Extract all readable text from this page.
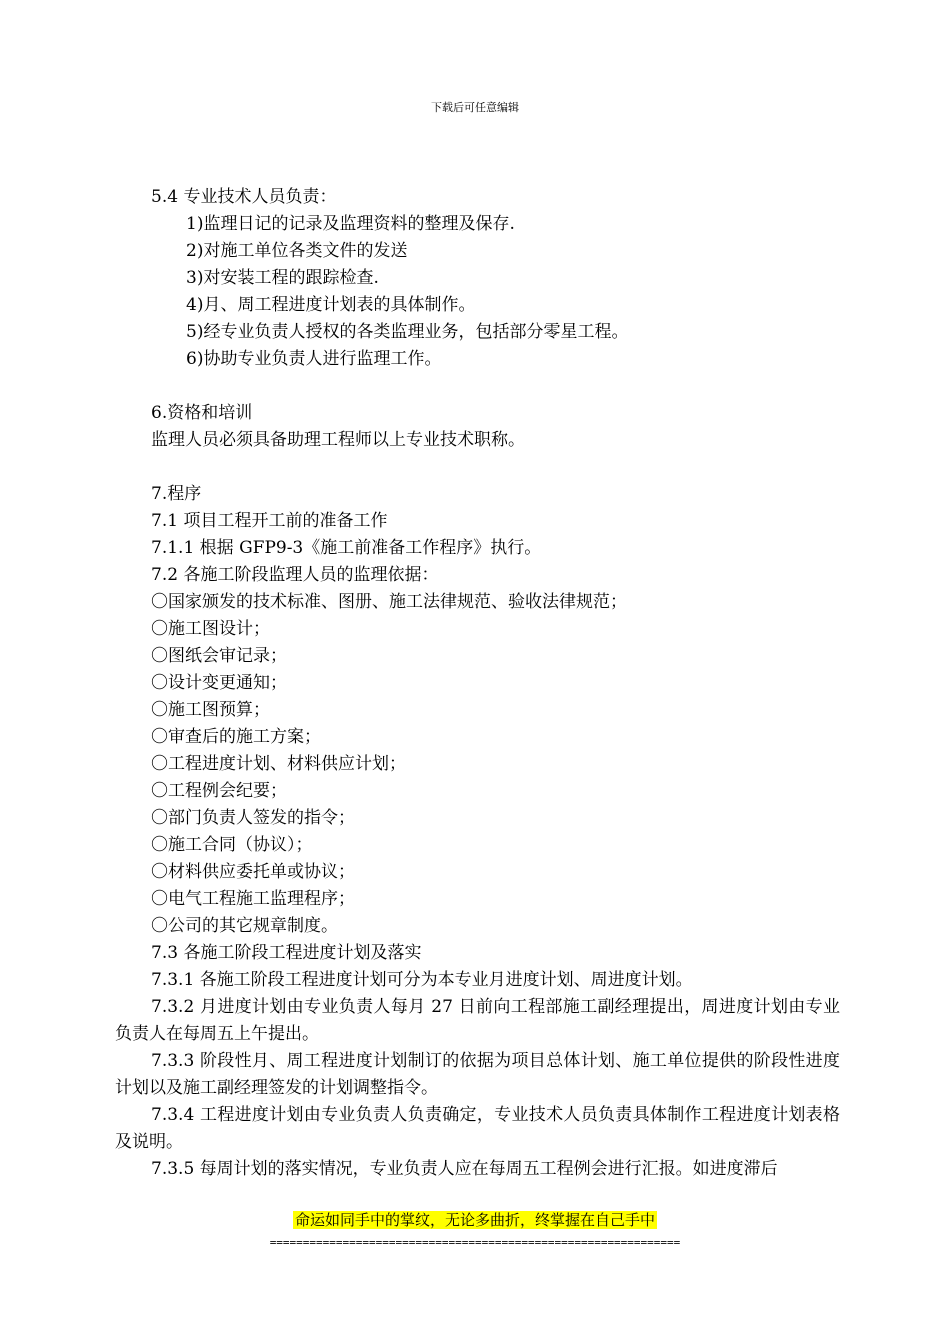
下载后可任意编辑
5.4 专业技术人员负责：
1)监理日记的记录及监理资料的整理及保存.
2)对施工单位各类文件的发送
3)对安装工程的跟踪检查.
4)月、周工程进度计划表的具体制作。
5)经专业负责人授权的各类监理业务，包括部分零星工程。
6)协助专业负责人进行监理工作。
6.资格和培训
监理人员必须具备助理工程师以上专业技术职称。
7.程序
7.1 项目工程开工前的准备工作
7.1.1 根据 GFP9-3《施工前准备工作程序》执行。
7.2 各施工阶段监理人员的监理依据：
〇国家颁发的技术标准、图册、施工法律规范、验收法律规范；
〇施工图设计；
〇图纸会审记录；
〇设计变更通知；
〇施工图预算；
〇审查后的施工方案；
〇工程进度计划、材料供应计划；
〇工程例会纪要；
〇部门负责人签发的指令；
〇施工合同（协议）；
〇材料供应委托单或协议；
〇电气工程施工监理程序；
〇公司的其它规章制度。
7.3 各施工阶段工程进度计划及落实
7.3.1 各施工阶段工程进度计划可分为本专业月进度计划、周进度计划。
7.3.2 月进度计划由专业负责人每月 27 日前向工程部施工副经理提出，周进度计划由专业负责人在每周五上午提出。
7.3.3 阶段性月、周工程进度计划制订的依据为项目总体计划、施工单位提供的阶段性进度计划以及施工副经理签发的计划调整指令。
7.3.4 工程进度计划由专业负责人负责确定，专业技术人员负责具体制作工程进度计划表格及说明。
7.3.5 每周计划的落实情况，专业负责人应在每周五工程例会进行汇报。如进度滞后
命运如同手中的掌纹，无论多曲折，终掌握在自己手中
==============================================================
